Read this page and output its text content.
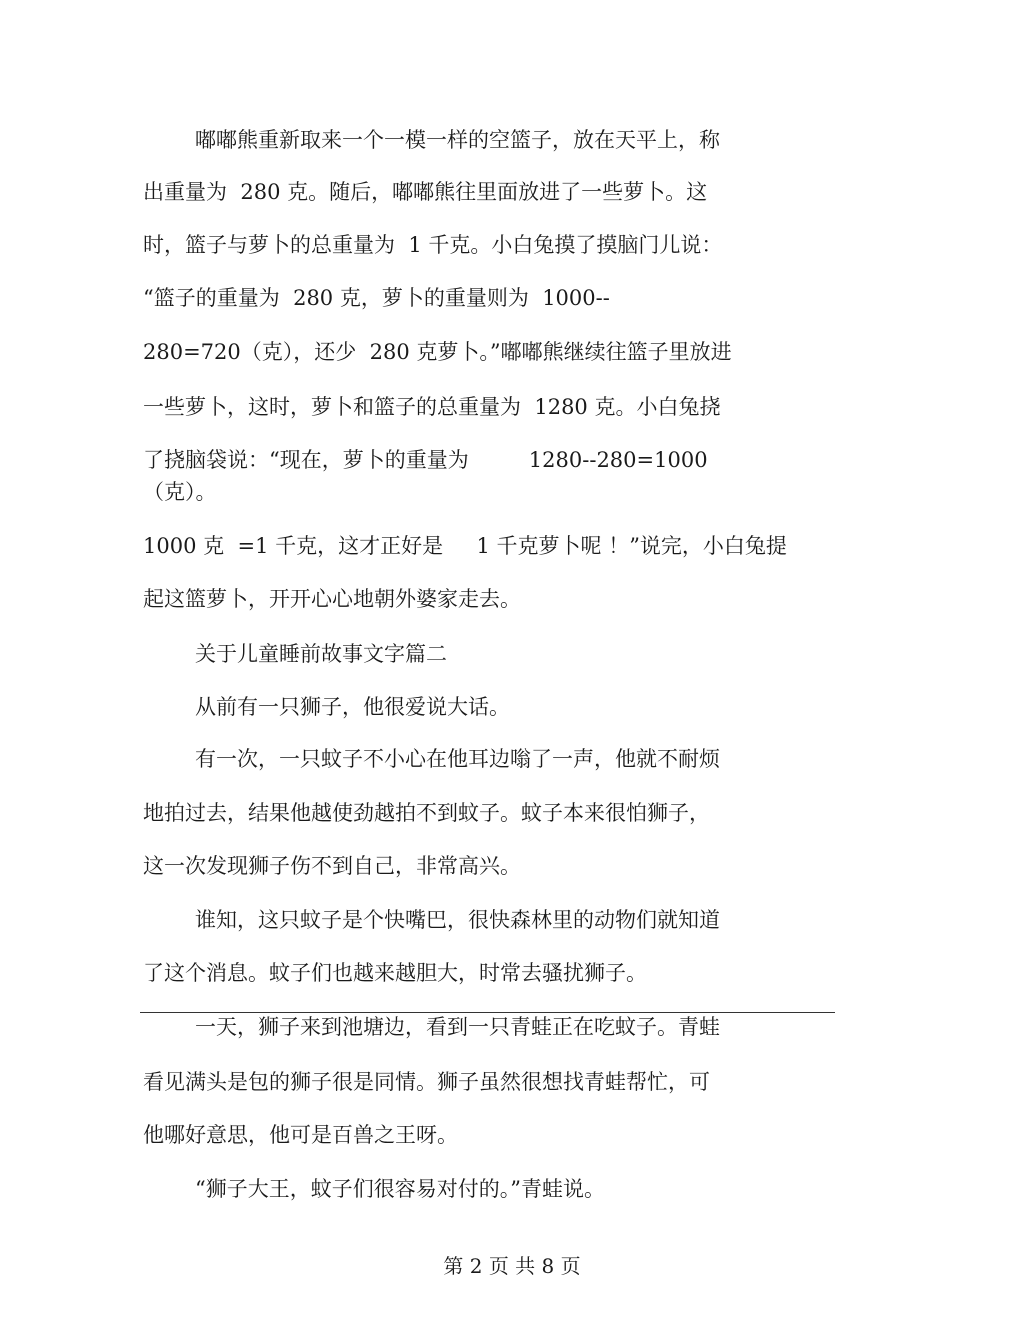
嘟嘟熊重新取来一个一模一样的空篮子，放在天平上，称
出重量为  280 克。随后，嘟嘟熊往里面放进了一些萝卜。这
时，篮子与萝卜的总重量为  1 千克。小白兔摸了摸脑门儿说：
“篮子的重量为  280 克，萝卜的重量则为  1000--
280=720（克），还少  280 克萝卜。”嘟嘟熊继续往篮子里放进
一些萝卜，这时，萝卜和篮子的总重量为  1280 克。小白兔挠
了挠脑袋说：“现在，萝卜的重量为         1280--280=1000
（克）。
1000 克  =1 千克，这才正好是     1 千克萝卜呢 ！”说完，小白兔提
起这篮萝卜，开开心心地朝外婆家走去。
关于儿童睡前故事文字篇二
从前有一只狮子，他很爱说大话。
有一次，一只蚊子不小心在他耳边嗡了一声，他就不耐烦
地拍过去，结果他越使劲越拍不到蚊子。蚊子本来很怕狮子，
这一次发现狮子伤不到自己，非常高兴。
谁知，这只蚊子是个快嘴巴，很快森林里的动物们就知道
了这个消息。蚊子们也越来越胆大，时常去骚扰狮子。
一天，狮子来到池塘边，看到一只青蛙正在吃蚊子。青蛙
看见满头是包的狮子很是同情。狮子虽然很想找青蛙帮忙，可
他哪好意思，他可是百兽之王呀。
“狮子大王，蚊子们很容易对付的。”青蛙说。
第 2 页 共 8 页
